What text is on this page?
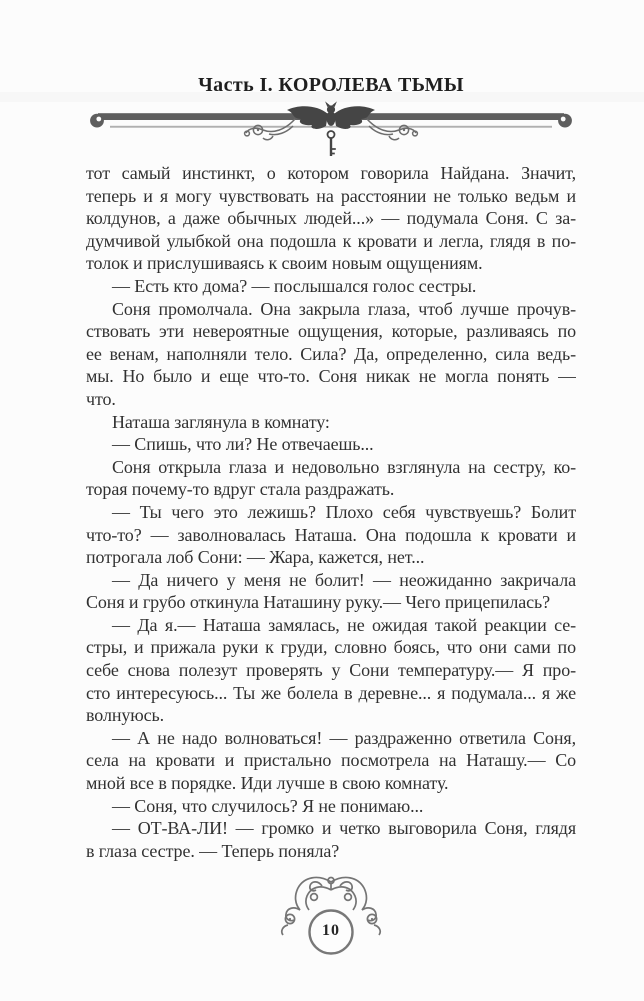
Часть I. КОРОЛЕВА ТЬМЫ
тот самый инстинкт, о котором говорила Найдана. Значит,
теперь и я могу чувствовать на расстоянии не только ведьм и
колдунов, а даже обычных людей...» — подумала Соня. С за-
думчивой улыбкой она подошла к кровати и легла, глядя в по-
толок и прислушиваясь к своим новым ощущениям.
— Есть кто дома? — послышался голос сестры.
Соня промолчала. Она закрыла глаза, чтоб лучше прочув-
ствовать эти невероятные ощущения, которые, разливаясь по
ее венам, наполняли тело. Сила? Да, определенно, сила ведь-
мы. Но было и еще что-то. Соня никак не могла понять —
что.
Наташа заглянула в комнату:
— Спишь, что ли? Не отвечаешь...
Соня открыла глаза и недовольно взглянула на сестру, ко-
торая почему-то вдруг стала раздражать.
— Ты чего это лежишь? Плохо себя чувствуешь? Болит
что-то? — заволновалась Наташа. Она подошла к кровати и
потрогала лоб Сони: — Жара, кажется, нет...
— Да ничего у меня не болит! — неожиданно закричала
Соня и грубо откинула Наташину руку.— Чего прицепилась?
— Да я.— Наташа замялась, не ожидая такой реакции се-
стры, и прижала руки к груди, словно боясь, что они сами по
себе снова полезут проверять у Сони температуру.— Я про-
сто интересуюсь... Ты же болела в деревне... я подумала... я же
волнуюсь.
— А не надо волноваться! — раздраженно ответила Соня,
села на кровати и пристально посмотрела на Наташу.— Со
мной все в порядке. Иди лучше в свою комнату.
— Соня, что случилось? Я не понимаю...
— ОТ-ВА-ЛИ! — громко и четко выговорила Соня, глядя
в глаза сестре. — Теперь поняла?
10
